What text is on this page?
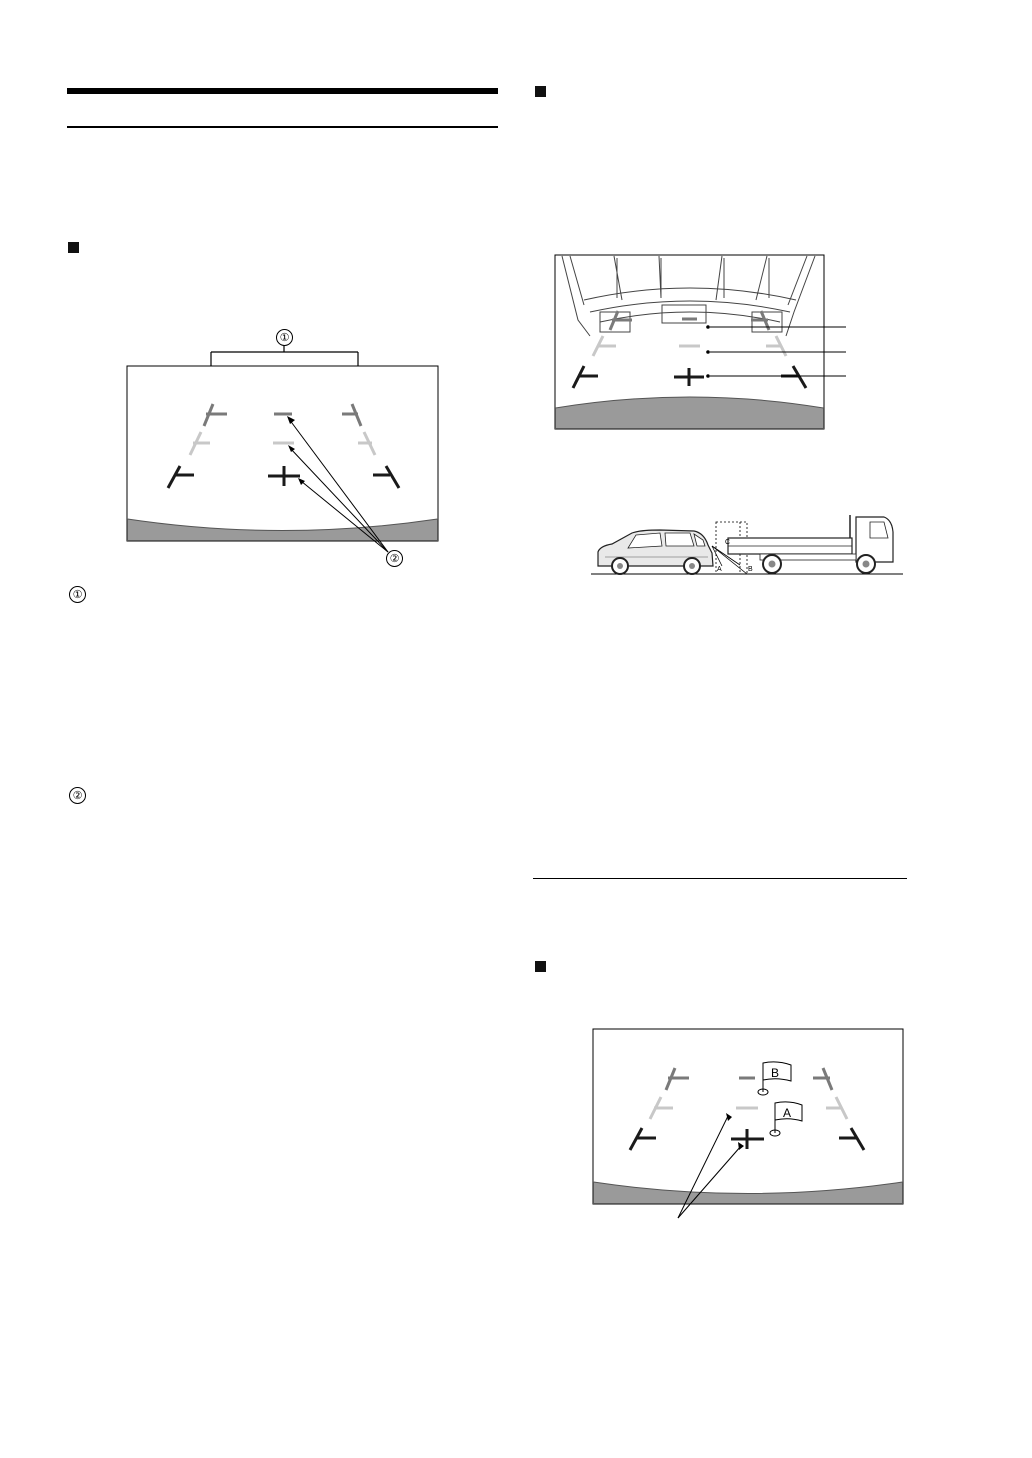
①
②
①
②
C
A	B
B
A
